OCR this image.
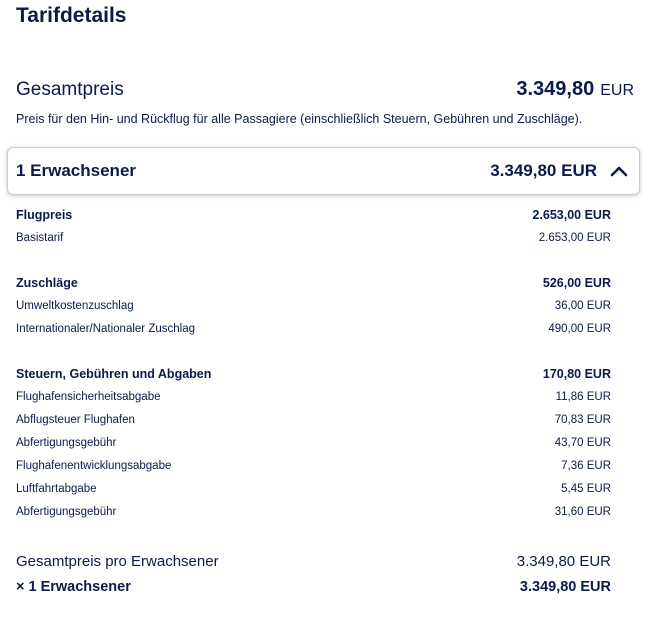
Tarifdetails
Gesamtpreis	3.349,80 EUR
Preis für den Hin- und Rückflug für alle Passagiere (einschließlich Steuern, Gebühren und Zuschläge).
1 Erwachsener	3.349,80 EUR
Flugpreis	2.653,00 EUR
Basistarif	2.653,00 EUR
Zuschläge	526,00 EUR
Umweltkostenzuschlag	36,00 EUR
Internationaler/Nationaler Zuschlag	490,00 EUR
Steuern, Gebühren und Abgaben	170,80 EUR
Flughafensicherheitsabgabe	11,86 EUR
Abflugsteuer Flughafen	70,83 EUR
Abfertigungsgebühr	43,70 EUR
Flughafenentwicklungsabgabe	7,36 EUR
Luftfahrtabgabe	5,45 EUR
Abfertigungsgebühr	31,60 EUR
Gesamtpreis pro Erwachsener	3.349,80 EUR
× 1 Erwachsener	3.349,80 EUR
